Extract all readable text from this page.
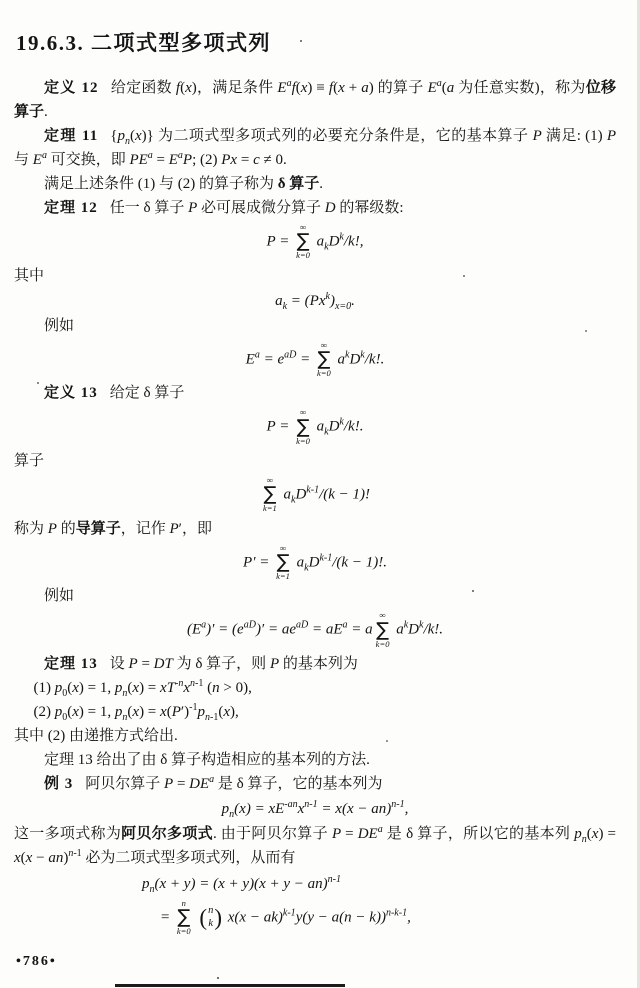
19.6.3. 二项式型多项式列

定义 12 给定函数 f(x)，满足条件 $E^af(x) \equiv f(x + a)$ 的算子 $E^a(a$ 为任意实数)，称为位移算子.

定理 11 $\{p_n(x)\}$ 为二项式型多项式列的必要充分条件是，它的基本算子 P 满足: (1) P 与 $E^a$ 可交换，即 $PE^a = E^aP$; (2) Px = c ≠ 0.

满足上述条件 (1) 与 (2) 的算子称为 δ 算子.

定理 12 任一 δ 算子 P 必可展成微分算子 D 的幂级数:

P =
∞
∑
k=0
$a_kD^k/k$!,

其中

$a_k = (Px^k)_{x=0}$.

例如

$E^a = e^{aD}$ =
∞
∑
k=0
$a^kD^k/k$!.

定义 13 给定 δ 算子

P =
∞
∑
k=0
$a_kD^k/k$!.

算子

∞
∑
k=1
$a_kD^{k-1}/(k - 1)$!

称为 P 的导算子，记作 P′，即

P′ =
∞
∑
k=1
$a_kD^{k-1}/(k - 1)$!.

例如

$(E^a)' = (e^{aD})' = ae^{aD} = aE^a = a$
∞
∑
k=0
$a^kD^k/k$!.

定理 13 设 P = DT 为 δ 算子，则 P 的基本列为

(1) $p_0(x) = 1$, $p_n(x) = xT^{-n}x^{n-1}$ (n > 0),

(2) $p_0(x) = 1$, $p_n(x) = x(P')^{-1}p_{n-1}(x)$,

其中 (2) 由递推方式给出.

定理 13 给出了由 δ 算子构造相应的基本列的方法.

例 3 阿贝尔算子 $P = DE^a$ 是 δ 算子，它的基本列为

$p_n(x) = xE^{-an}x^{n-1} = x(x - an)^{n-1}$,

这一多项式称为阿贝尔多项式. 由于阿贝尔算子 $P = DE^a$ 是 δ 算子，所以它的基本列 $p_n(x) = x(x - an)^{n-1}$ 必为二项式型多项式列，从而有

$p_n(x + y) = (x + y)(x + y - an)^{n-1}$
=
n
∑
k=0

( n
k ) $x(x - ak)^{k-1}y(y - a(n - k))^{n-k-1}$,
•786•
